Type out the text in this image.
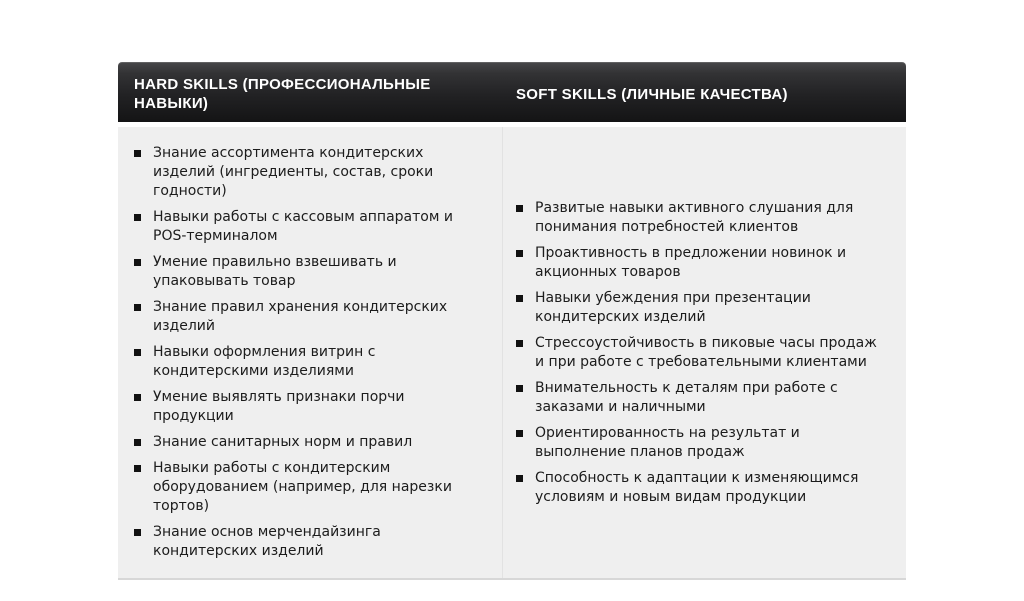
HARD SKILLS (ПРОФЕССИОНАЛЬНЫЕ НАВЫКИ)
SOFT SKILLS (ЛИЧНЫЕ КАЧЕСТВА)
Знание ассортимента кондитерских изделий (ингредиенты, состав, сроки годности)
Навыки работы с кассовым аппаратом и POS-терминалом
Умение правильно взвешивать и упаковывать товар
Знание правил хранения кондитерских изделий
Навыки оформления витрин с кондитерскими изделиями
Умение выявлять признаки порчи продукции
Знание санитарных норм и правил
Навыки работы с кондитерским оборудованием (например, для нарезки тортов)
Знание основ мерчендайзинга кондитерских изделий
Развитые навыки активного слушания для понимания потребностей клиентов
Проактивность в предложении новинок и акционных товаров
Навыки убеждения при презентации кондитерских изделий
Стрессоустойчивость в пиковые часы продаж и при работе с требовательными клиентами
Внимательность к деталям при работе с заказами и наличными
Ориентированность на результат и выполнение планов продаж
Способность к адаптации к изменяющимся условиям и новым видам продукции
